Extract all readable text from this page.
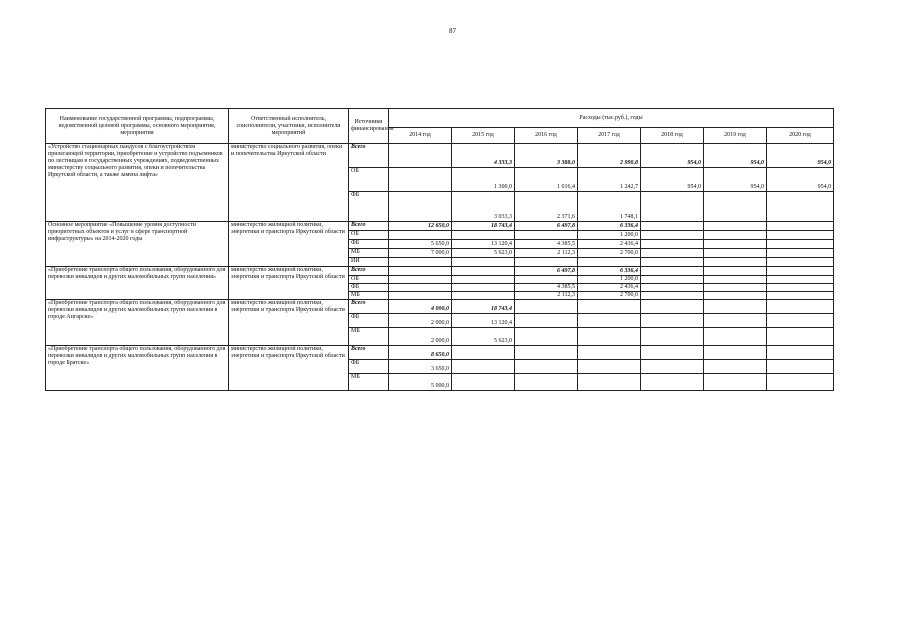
87
Наименование государственной программы, подпрограммы, ведомственной целевой программы, основного мероприятия, мероприятия	Ответственный исполнитель, соисполнители, участники, исполнители мероприятий	Источники финансирования	Расходы (тыс.руб.), годы						
			2014 год	2015 год	2016 год	2017 год	2018 год	2019 год	2020 год
«Устройство стационарных пандусов с благоустройством прилегающей территории, приобретение и устройство подъемников по лестницам в государственных учреждениях, подведомственных министерству социального развития, опеки и попечительства Иркутской области, а также замена лифта»	министерство социального развития, опеки и попечительства Иркутской области	Всего		4 333,3	3 388,0	2 990,8	954,0	954,0	954,0
		ОБ		1 300,0	1 016,4	1 242,7	954,0	954,0	954,0
		ФБ		3 033,3	2 371,6	1 748,1			
Основное мероприятие «Повышение уровня доступности приоритетных объектов и услуг в сфере транспортной инфраструктуры» на 2014-2020 годы	министерство жилищной политики, энергетики и транспорта Иркутской области	Всего	12 650,0	18 743,4	6 497,8	6 336,4			
		ОБ				1 200,0			
		ФБ	5 650,0	13 120,4	4 385,5	2 436,4			
		МБ	7 000,0	5 623,0	2 112,3	2 700,0			
		ИИ							
«Приобретение транспорта общего пользования, оборудованного для перевозки инвалидов и других маломобильных групп населения»	министерство жилищной политики, энергетики и транспорта Иркутской области	Всего			6 497,8	6 336,4			
		ОБ				1 200,0			
		ФБ			4 385,5	2 436,4			
		МБ			2 112,3	2 700,0			
«Приобретение транспорта общего пользования, оборудованного для перевозки инвалидов и других маломобильных групп населения в городе Ангарске»	министерство жилищной политики, энергетики и транспорта Иркутской области	Всего	4 000,0	18 743,4					
		ФБ	2 000,0	13 120,4					
		МБ	2 000,0	5 623,0					
«Приобретение транспорта общего пользования, оборудованного для перевозки инвалидов и других маломобильных групп населения в городе Братске»	министерство жилищной политики, энергетики и транспорта Иркутской области	Всего	8 650,0						
		ФБ	3 650,0						
		МБ	5 000,0						
